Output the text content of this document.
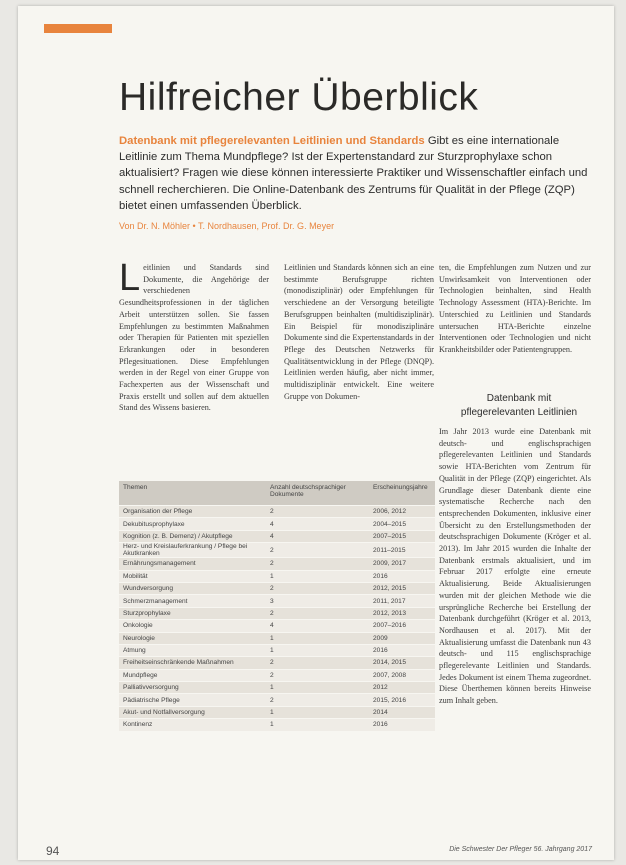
Hilfreicher Überblick
Datenbank mit pflegerelevanten Leitlinien und Standards Gibt es eine internationale Leitlinie zum Thema Mundpflege? Ist der Expertenstandard zur Sturzprophylaxe schon aktualisiert? Fragen wie diese können interessierte Praktiker und Wissenschaftler einfach und schnell recherchieren. Die Online-Datenbank des Zentrums für Qualität in der Pflege (ZQP) bietet einen umfassenden Überblick.
Von Dr. N. Möhler • T. Nordhausen, Prof. Dr. G. Meyer
L eitlinien und Standards sind Dokumente, die Angehörige der verschiedenen Gesundheitsprofessionen in der täglichen Arbeit unterstützen sollen. Sie fassen Empfehlungen zu bestimmten Maßnahmen oder Therapien für Patienten mit speziellen Erkrankungen oder in besonderen Pflegesituationen. Diese Empfehlungen werden in der Regel von einer Gruppe von Fachexperten aus der Wissenschaft und Praxis erstellt und sollen auf dem aktuellen Stand des Wissens basieren.
Leitlinien und Standards können sich an eine bestimmte Berufsgruppe richten (monodisziplinär) oder Empfehlungen für verschiedene an der Versorgung beteiligte Berufsgruppen beinhalten (multidisziplinär). Ein Beispiel für monodisziplinäre Dokumente sind die Expertenstandards in der Pflege des Deutschen Netzwerks für Qualitätsentwicklung in der Pflege (DNQP). Leitlinien werden häufig, aber nicht immer, multidisziplinär entwickelt. Eine weitere Gruppe von Dokumen-
ten, die Empfehlungen zum Nutzen und zur Unwirksamkeit von Interventionen oder Technologien beinhalten, sind Health Technology Assessment (HTA)-Berichte. Im Unterschied zu Leitlinien und Standards untersuchen HTA-Berichte einzelne Interventionen oder Technologien und nicht Krankheitsbilder oder Patientengruppen.
Datenbank mit pflegerelevanten Leitlinien
Im Jahr 2013 wurde eine Datenbank mit deutsch- und englischsprachigen pflegerelevanten Leitlinien und Standards sowie HTA-Berichten vom Zentrum für Qualität in der Pflege (ZQP) eingerichtet. Als Grundlage dieser Datenbank diente eine systematische Recherche nach den entsprechenden Dokumenten, inklusive einer Übersicht zu den Erstellungsmethoden der deutschsprachigen Dokumente (Kröger et al. 2013). Im Jahr 2015 wurden die Inhalte der Datenbank erstmals aktualisiert, und im Februar 2017 erfolgte eine erneute Aktualisierung. Beide Aktualisierungen wurden mit der gleichen Methode wie die ursprüngliche Recherche bei Erstellung der Datenbank durchgeführt (Kröger et al. 2013, Nordhausen et al. 2017). Mit der Aktualisierung umfasst die Datenbank nun 43 deutsch- und 115 englischsprachige pflegerelevante Leitlinien und Standards. Jedes Dokument ist einem Thema zugeordnet. Diese Überthemen können bereits Hinweise zum Inhalt geben.
Themen	Anzahl deutschsprachiger Dokumente	Erscheinungsjahre
Organisation der Pflege	2	2006, 2012
Dekubitusprophylaxe	4	2004–2015
Kognition (z. B. Demenz) / Akutpflege	4	2007–2015
Herz- und Kreislauferkrankung / Pflege bei Akutkranken	2	2011–2015
Ernährungsmanagement	2	2009, 2017
Mobilität	1	2016
Wundversorgung	2	2012, 2015
Schmerzmanagement	3	2011, 2017
Sturzprophylaxe	2	2012, 2013
Onkologie	4	2007–2016
Neurologie	1	2009
Atmung	1	2016
Freiheitseinschränkende Maßnahmen	2	2014, 2015
Mundpflege	2	2007, 2008
Palliativversorgung	1	2012
Pädiatrische Pflege	2	2015, 2016
Akut- und Notfallversorgung	1	2014
Kontinenz	1	2016
94	Die Schwester Der Pfleger 56. Jahrgang 2017
